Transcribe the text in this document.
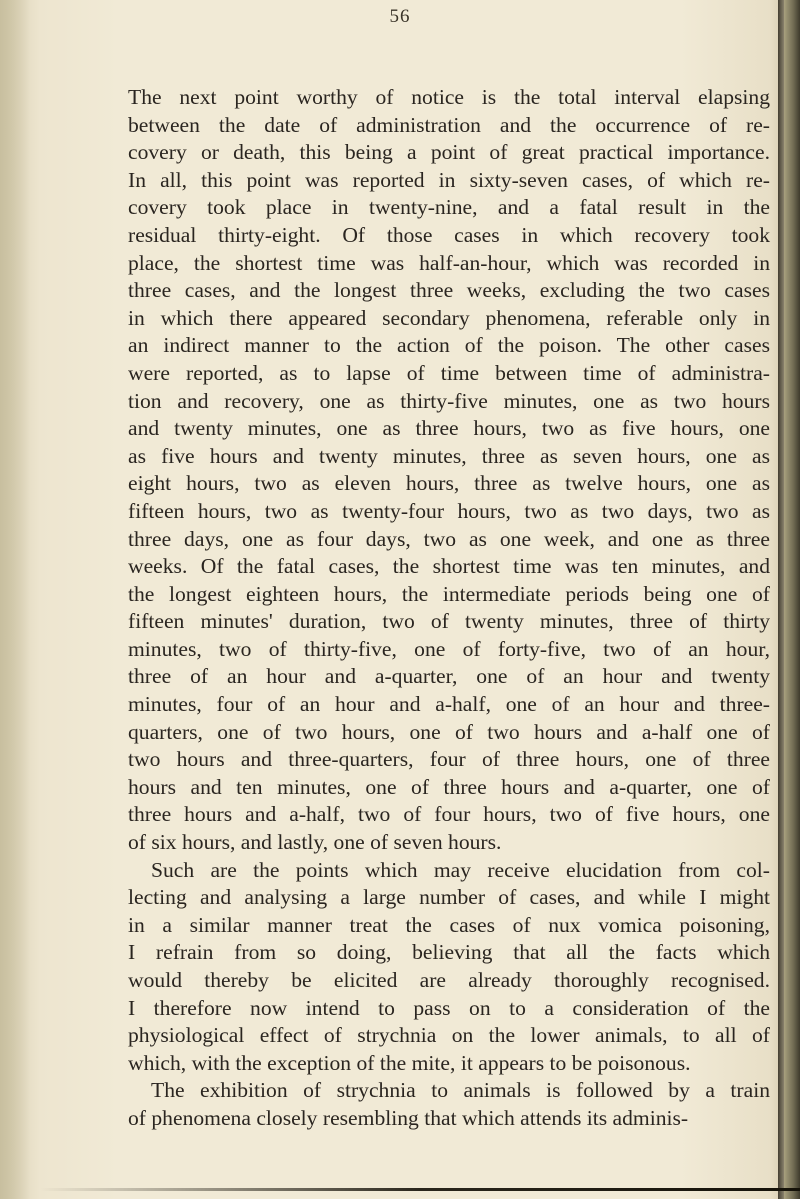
56
The next point worthy of notice is the total interval elapsing
between the date of administration and the occurrence of re-
covery or death, this being a point of great practical importance.
In all, this point was reported in sixty-seven cases, of which re-
covery took place in twenty-nine, and a fatal result in the
residual thirty-eight. Of those cases in which recovery took
place, the shortest time was half-an-hour, which was recorded in
three cases, and the longest three weeks, excluding the two cases
in which there appeared secondary phenomena, referable only in
an indirect manner to the action of the poison. The other cases
were reported, as to lapse of time between time of administra-
tion and recovery, one as thirty-five minutes, one as two hours
and twenty minutes, one as three hours, two as five hours, one
as five hours and twenty minutes, three as seven hours, one as
eight hours, two as eleven hours, three as twelve hours, one as
fifteen hours, two as twenty-four hours, two as two days, two as
three days, one as four days, two as one week, and one as three
weeks. Of the fatal cases, the shortest time was ten minutes, and
the longest eighteen hours, the intermediate periods being one of
fifteen minutes' duration, two of twenty minutes, three of thirty
minutes, two of thirty-five, one of forty-five, two of an hour,
three of an hour and a-quarter, one of an hour and twenty
minutes, four of an hour and a-half, one of an hour and three-
quarters, one of two hours, one of two hours and a-half one of
two hours and three-quarters, four of three hours, one of three
hours and ten minutes, one of three hours and a-quarter, one of
three hours and a-half, two of four hours, two of five hours, one
of six hours, and lastly, one of seven hours.
Such are the points which may receive elucidation from col-
lecting and analysing a large number of cases, and while I might
in a similar manner treat the cases of nux vomica poisoning,
I refrain from so doing, believing that all the facts which
would thereby be elicited are already thoroughly recognised.
I therefore now intend to pass on to a consideration of the
physiological effect of strychnia on the lower animals, to all of
which, with the exception of the mite, it appears to be poisonous.
The exhibition of strychnia to animals is followed by a train
of phenomena closely resembling that which attends its adminis-
